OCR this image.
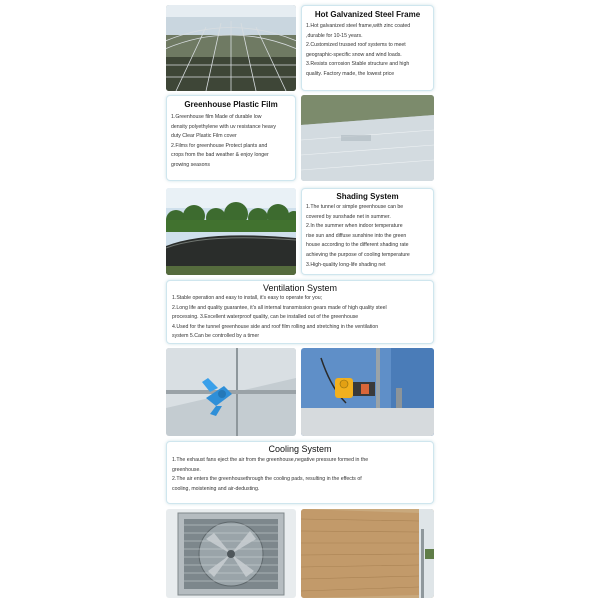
Hot Galvanized Steel Frame

1.Hot galvanized steel frame,with zinc coated

,durable for 10-15 years.

2.Customized trussed roof systems to meet

geographic-specific snow and wind loads.

3.Resists corrosion Stable structure and high

quality. Factory made, the lowest price

Greenhouse Plastic Film

1.Greenhouse film Made of durable low

density polyethylene with uv resistance heavy

duty Clear Plastic Film cover

2.Films for greenhouse Protect plants and

crops from the bad weather & enjoy longer

growing seasons

Shading System

1.The tunnel or simple greenhouse can be

covered by sunshade net in summer.

2.In the summer when indoor temperature

rise sun and diffuse sunshine into the green

house according to the different shading rate

achieving the purpose of cooling temperature

3.High-quality long-life shading net

Ventilation System

1.Stable operation and easy to install, it's easy to operate for you;

2.Long life and quality guarantee, it's all internal transmission gears made of high quality steel

processing. 3.Excellent waterproof quality, can be installed out of the greenhouse

4.Used for the tunnel greenhouse side and roof film rolling and stretching in the ventilation

system 5.Can be controlled by a timer

Cooling System

1.The exhaust fans eject the air from the greenhouse,negative pressure formed in the

greenhouse.

2.The air enters the greenhousethrough the cooling pads, resulting in the effects of

cooling, moistening and air-dedusting.
